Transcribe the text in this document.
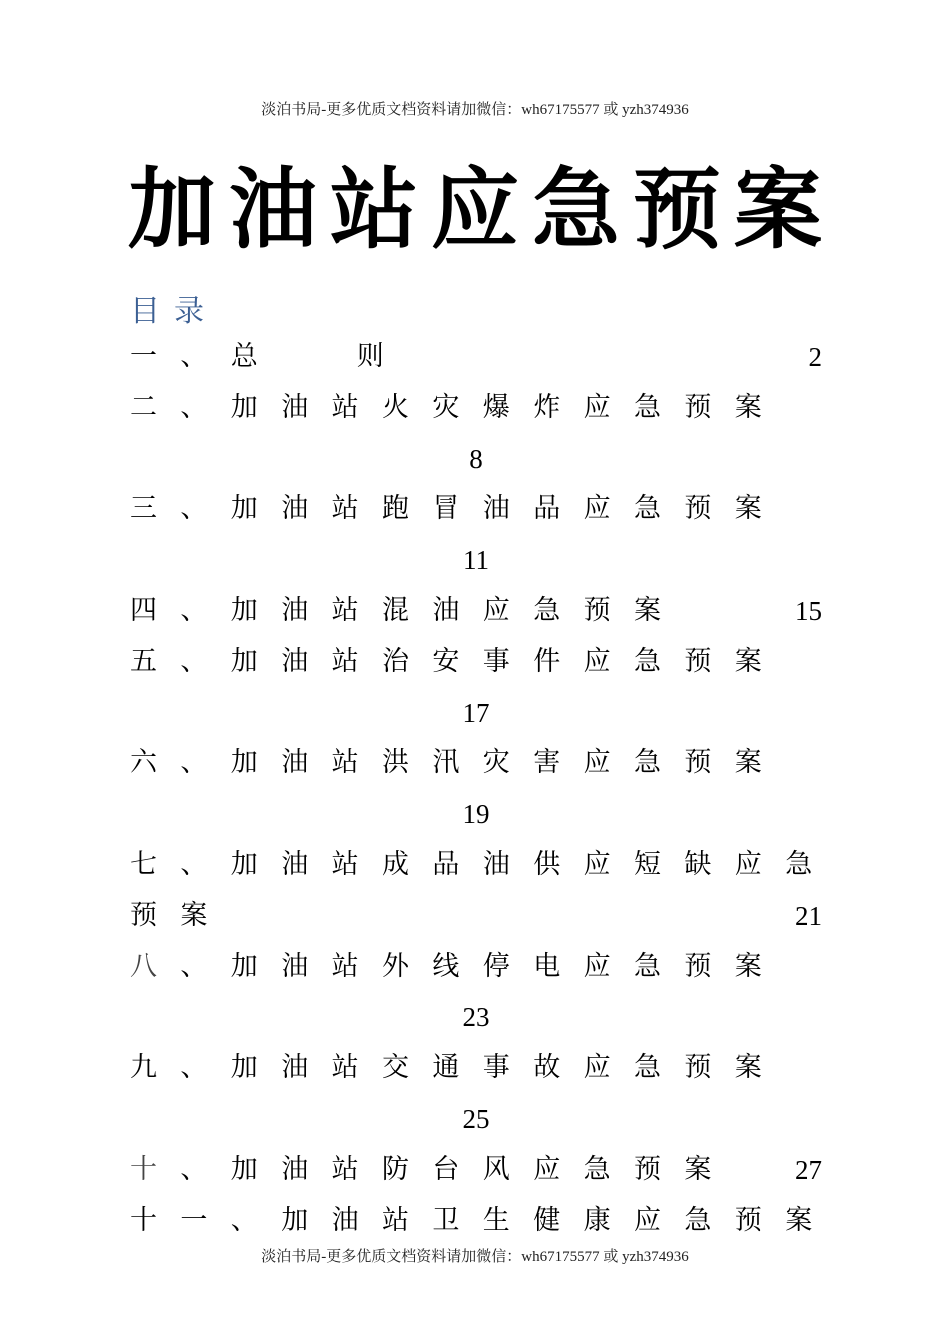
淡泊书局-更多优质文档资料请加微信：wh67175577 或 yzh374936
加 油 站 应 急 预 案
目录
一 、 总	则	2
二 、 加 油 站 火 灾 爆 炸 应 急 预 案
8
三 、 加 油 站 跑 冒 油 品 应 急 预 案
11
四 、 加 油 站 混 油 应 急 预 案	15
五 、 加 油 站 治 安 事 件 应 急 预 案
17
六 、 加 油 站 洪 汛 灾 害 应 急 预 案
19
七 、 加 油 站 成 品 油 供 应 短 缺 应 急
预 案	21
八 、 加 油 站 外 线 停 电 应 急 预 案
23
九 、 加 油 站 交 通 事 故 应 急 预 案
25
十 、 加 油 站 防 台 风 应 急 预 案	27
十 一 、 加 油 站 卫 生 健 康 应 急 预 案
淡泊书局-更多优质文档资料请加微信：wh67175577 或 yzh374936
